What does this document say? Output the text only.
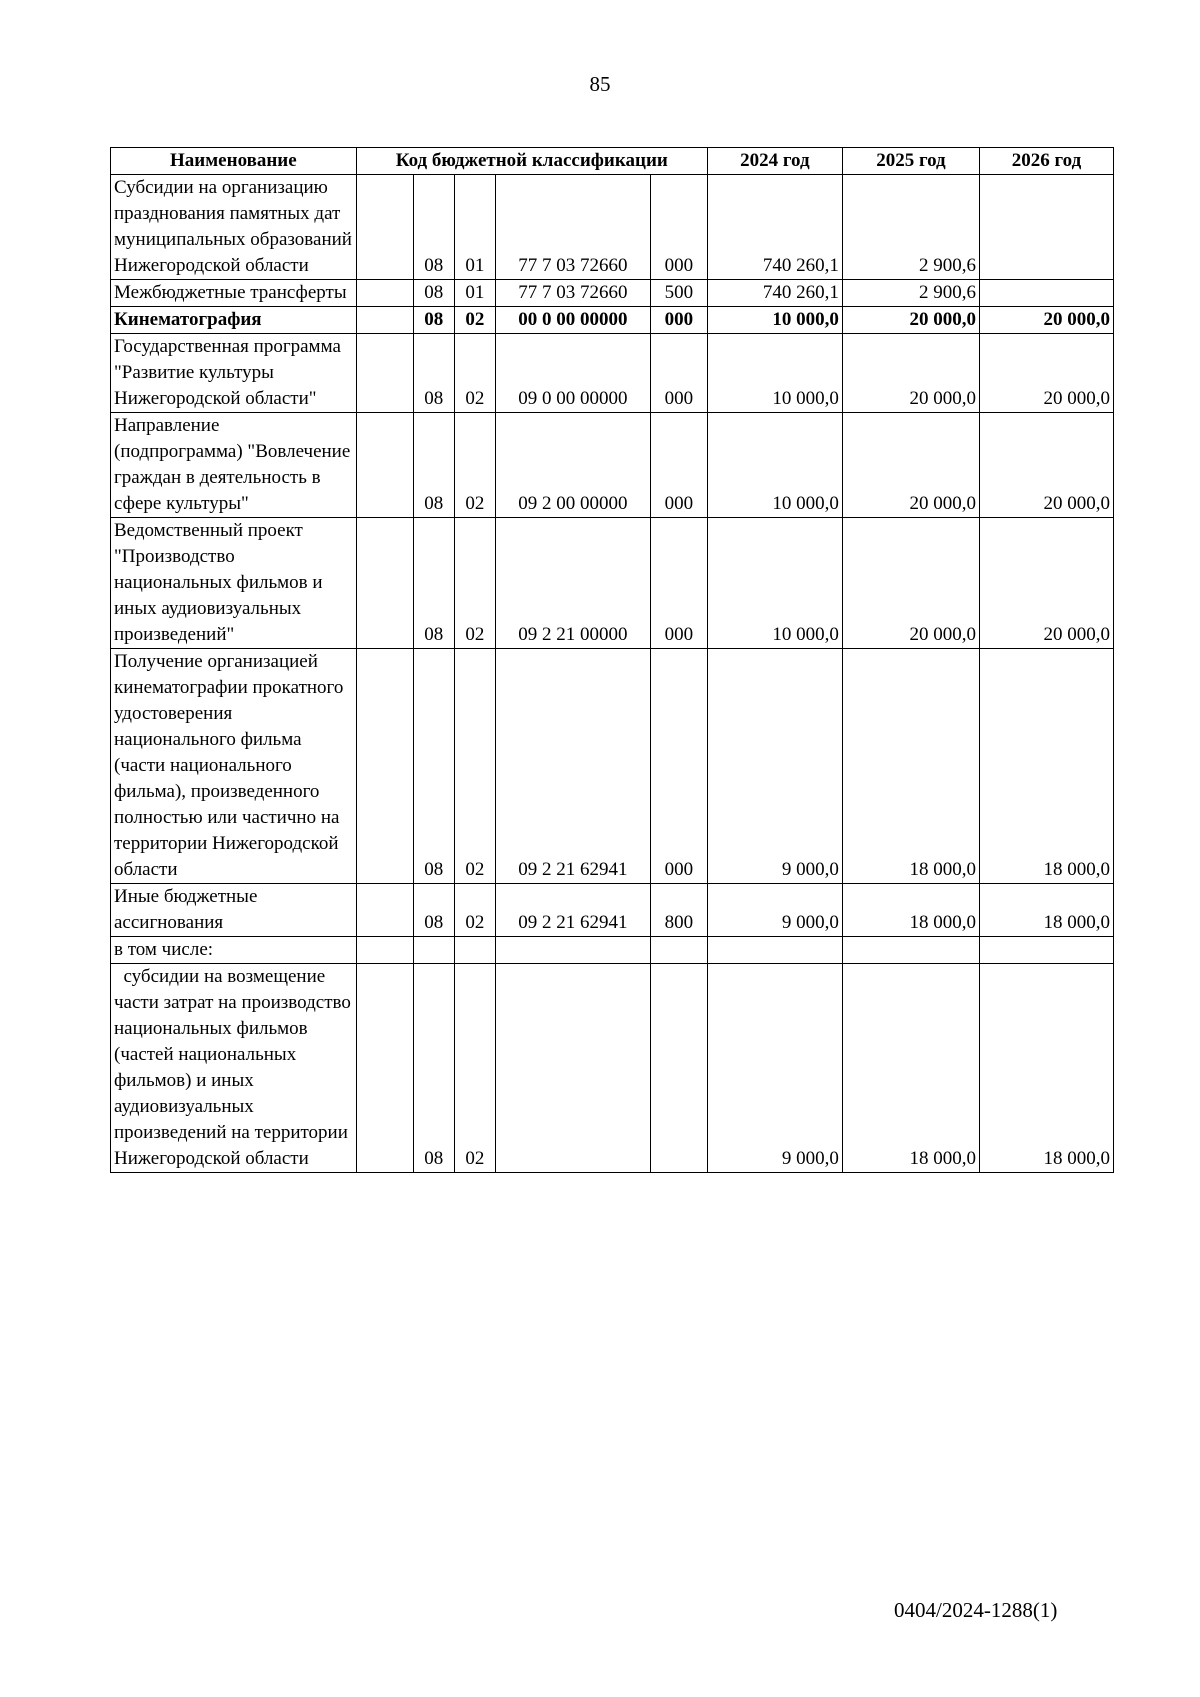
85
Наименование	Код бюджетной классификации					2024 год	2025 год	2026 год
Субсидии на организацию празднования памятных дат муниципальных образований Нижегородской области		08	01	77 7 03 72660	000	740 260,1	2 900,6	
Межбюджетные трансферты		08	01	77 7 03 72660	500	740 260,1	2 900,6	
Кинематография		08	02	00 0 00 00000	000	10 000,0	20 000,0	20 000,0
Государственная программа "Развитие культуры Нижегородской области"		08	02	09 0 00 00000	000	10 000,0	20 000,0	20 000,0
Направление (подпрограмма) "Вовлечение граждан в деятельность в сфере культуры"		08	02	09 2 00 00000	000	10 000,0	20 000,0	20 000,0
Ведомственный проект "Производство национальных фильмов и иных аудиовизуальных произведений"		08	02	09 2 21 00000	000	10 000,0	20 000,0	20 000,0
Получение организацией кинематографии прокатного удостоверения национального фильма (части национального фильма), произведенного полностью или частично на территории Нижегородской области		08	02	09 2 21 62941	000	9 000,0	18 000,0	18 000,0
Иные бюджетные ассигнования		08	02	09 2 21 62941	800	9 000,0	18 000,0	18 000,0
в том числе:								
субсидии на возмещение части затрат на производство национальных фильмов (частей национальных фильмов) и иных аудиовизуальных произведений на территории Нижегородской области		08	02			9 000,0	18 000,0	18 000,0
0404/2024-1288(1)
